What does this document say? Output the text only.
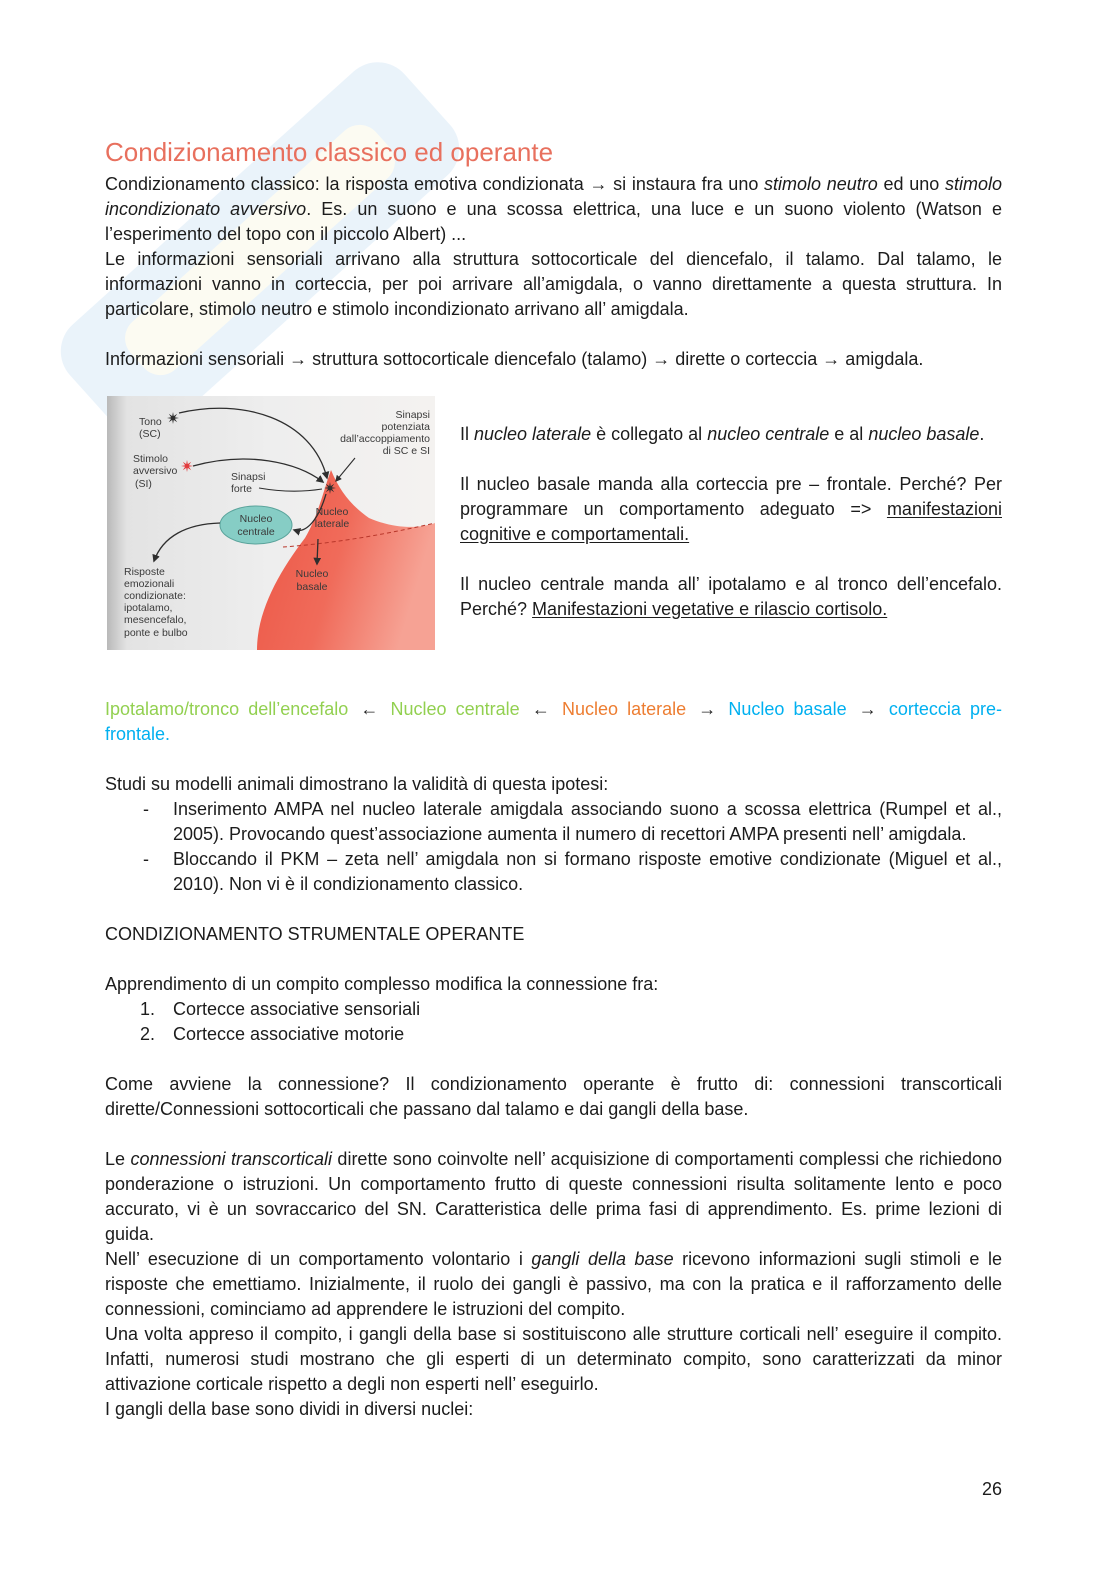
Condizionamento classico ed operante

Condizionamento classico: la risposta emotiva condizionata → si instaura fra uno stimolo neutro ed uno stimolo incondizionato avversivo. Es. un suono e una scossa elettrica, una luce e un suono violento (Watson e l’esperimento del topo con il piccolo Albert) ...

Le informazioni sensoriali arrivano alla struttura sottocorticale del diencefalo, il talamo. Dal talamo, le informazioni vanno in corteccia, per poi arrivare all’amigdala, o vanno direttamente a questa struttura. In particolare, stimolo neutro e stimolo incondizionato arrivano all’ amigdala.

Informazioni sensoriali → struttura sottocorticale diencefalo (talamo) → dirette o corteccia → amigdala.

Tono
(SC)
Stimolo
avversivo
(SI)
Sinapsi
potenziata
dall’accoppiamento
di SC e SI
Sinapsi
forte
Nucleo
centrale
Nucleo
laterale
Nucleo
basale
Risposte
emozionali
condizionate:
ipotalamo,
mesencefalo,
ponte e bulbo

Il nucleo laterale è collegato al nucleo centrale e al nucleo basale.

Il nucleo basale manda alla corteccia pre – frontale. Perché? Per programmare un comportamento adeguato => manifestazioni cognitive e comportamentali.

Il nucleo centrale manda all’ ipotalamo e al tronco dell’encefalo. Perché? Manifestazioni vegetative e rilascio cortisolo.

Ipotalamo/tronco dell’encefalo ← Nucleo centrale ← Nucleo laterale → Nucleo basale → corteccia pre-frontale.

Studi su modelli animali dimostrano la validità di questa ipotesi:

- Inserimento AMPA nel nucleo laterale amigdala associando suono a scossa elettrica (Rumpel et al., 2005). Provocando quest’associazione aumenta il numero di recettori AMPA presenti nell’ amigdala.
- Bloccando il PKM – zeta nell’ amigdala non si formano risposte emotive condizionate (Miguel et al., 2010). Non vi è il condizionamento classico.

CONDIZIONAMENTO STRUMENTALE OPERANTE

Apprendimento di un compito complesso modifica la connessione fra:

1. Cortecce associative sensoriali
2. Cortecce associative motorie

Come avviene la connessione? Il condizionamento operante è frutto di: connessioni transcorticali dirette/Connessioni sottocorticali che passano dal talamo e dai gangli della base.

Le connessioni transcorticali dirette sono coinvolte nell’ acquisizione di comportamenti complessi che richiedono ponderazione o istruzioni. Un comportamento frutto di queste connessioni risulta solitamente lento e poco accurato, vi è un sovraccarico del SN. Caratteristica delle prima fasi di apprendimento. Es. prime lezioni di guida.

Nell’ esecuzione di un comportamento volontario i gangli della base ricevono informazioni sugli stimoli e le risposte che emettiamo. Inizialmente, il ruolo dei gangli è passivo, ma con la pratica e il rafforzamento delle connessioni, cominciamo ad apprendere le istruzioni del compito.

Una volta appreso il compito, i gangli della base si sostituiscono alle strutture corticali nell’ eseguire il compito. Infatti, numerosi studi mostrano che gli esperti di un determinato compito, sono caratterizzati da minor attivazione corticale rispetto a degli non esperti nell’ eseguirlo.

I gangli della base sono dividi in diversi nuclei:

26
